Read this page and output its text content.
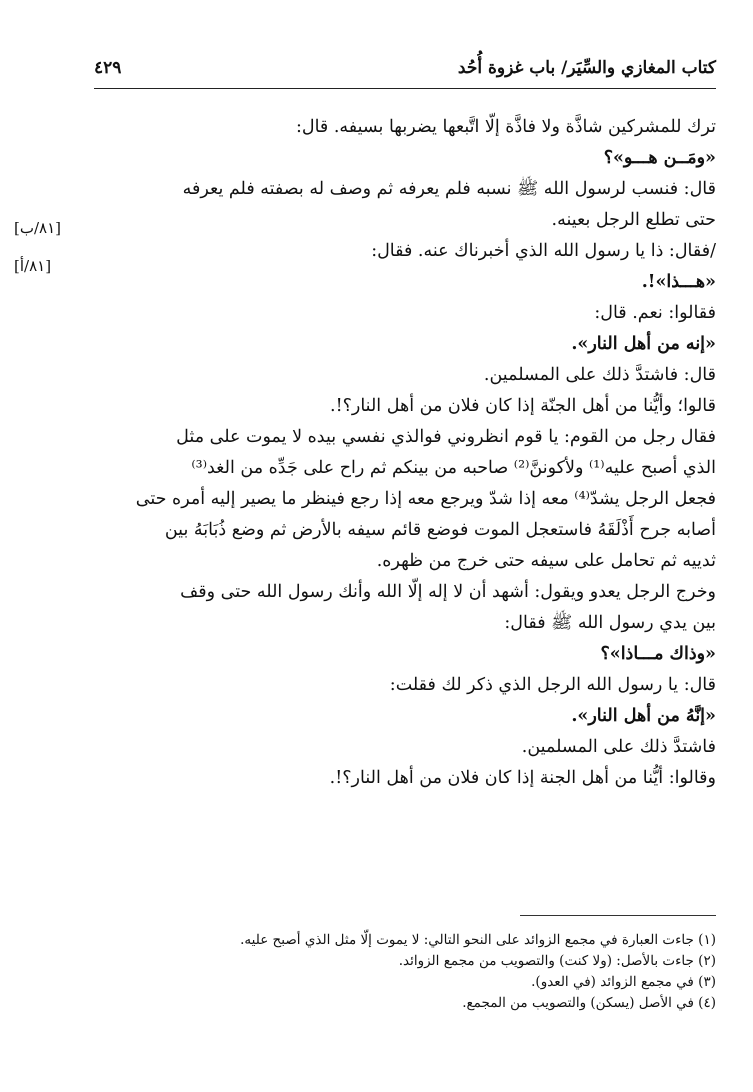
كتاب المغازي والسِّيَر/ باب غزوة أُحُد
٤٢٩
[٨١/ب]
[٨١/أ]
ترك للمشركين شاذَّة ولا فاذَّة إلّا اتَّبعها يضربها بسيفه. قال:
«ومَــن هـــو»؟
قال: فنسب لرسول الله ﷺ نسبه فلم يعرفه ثم وصف له بصفته فلم يعرفه
حتى تطلع الرجل بعينه.
/فقال: ذا يا رسول الله الذي أخبرناك عنه. فقال:
«هـــذا»!.
فقالوا: نعم. قال:
«إنه من أهل النار».
قال: فاشتدَّ ذلك على المسلمين.
قالوا؛ وأيُّنا من أهل الجنّة إذا كان فلان من أهل النار؟!.
فقال رجل من القوم: يا قوم انظروني فوالذي نفسي بيده لا يموت على مثل
الذي أصبح عليه⁽¹⁾ ولأكوننَّ⁽²⁾ صاحبه من بينكم ثم راح على جَدِّه من الغد⁽³⁾
فجعل الرجل يشدّ⁽⁴⁾ معه إذا شدّ ويرجع معه إذا رجع فينظر ما يصير إليه أمره حتى
أصابه جرح أَذْلَقَهُ فاستعجل الموت فوضع قائم سيفه بالأرض ثم وضع ذُبَابَهُ بين
ثدييه ثم تحامل على سيفه حتى خرج من ظهره.
وخرج الرجل يعدو ويقول: أشهد أن لا إله إلّا الله وأنك رسول الله حتى وقف
بين يدي رسول الله ﷺ فقال:
«وذاك مـــاذا»؟
قال: يا رسول الله الرجل الذي ذكر لك فقلت:
«إنَّهُ من أهل النار».
فاشتدَّ ذلك على المسلمين.
وقالوا: أيُّنا من أهل الجنة إذا كان فلان من أهل النار؟!.
(١) جاءت العبارة في مجمع الزوائد على النحو التالي: لا يموت إلّا مثل الذي أصبح عليه.
(٢) جاءت بالأصل: (ولا كنت) والتصويب من مجمع الزوائد.
(٣) في مجمع الزوائد (في العدو).
(٤) في الأصل (يسكن) والتصويب من المجمع.
